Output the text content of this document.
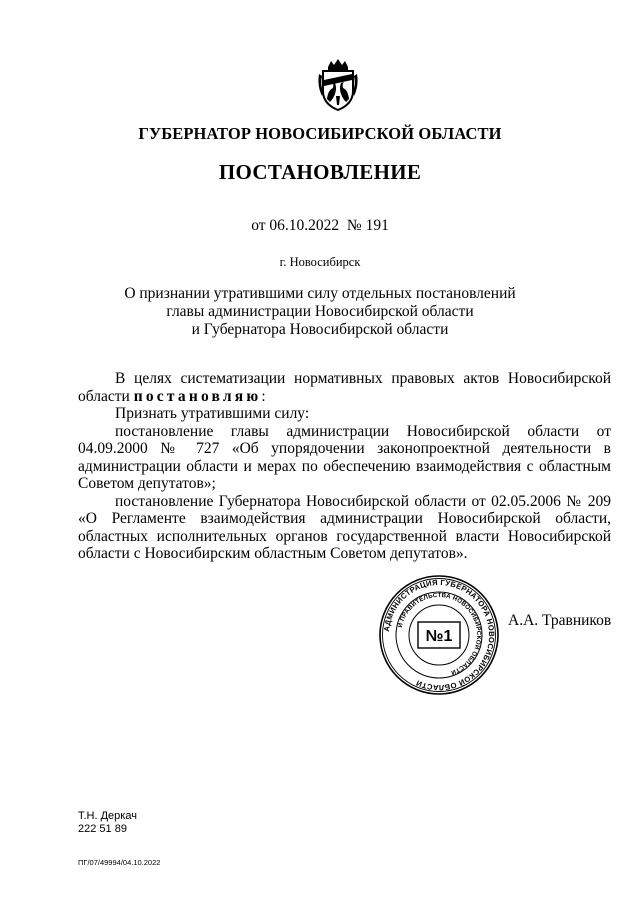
ГУБЕРНАТОР НОВОСИБИРСКОЙ ОБЛАСТИ
ПОСТАНОВЛЕНИЕ
от 06.10.2022 № 191
г. Новосибирск
О признании утратившими силу отдельных постановлений
главы администрации Новосибирской области
и Губернатора Новосибирской области

В целях систематизации нормативных правовых актов Новосибирской области постановляю:

Признать утратившими силу:

постановление главы администрации Новосибирской области от 04.09.2000 № 727 «Об упорядочении законопроектной деятельности в администрации области и мерах по обеспечению взаимодействия с областным Советом депутатов»;

постановление Губернатора Новосибирской области от 02.05.2006 № 209 «О Регламенте взаимодействия администрации Новосибирской области, областных исполнительных органов государственной власти Новосибирской области с Новосибирским областным Советом депутатов».

АДМИНИСТРАЦИЯ ГУБЕРНАТОРА НОВОСИБИРСКОЙ ОБЛАСТИ
И ПРАВИТЕЛЬСТВА НОВОСИБИРСКОЙ ОБЛАСТИ
№1
А.А. Травников
Т.Н. Деркач
222 51 89
ПГ/07/49994/04.10.2022
